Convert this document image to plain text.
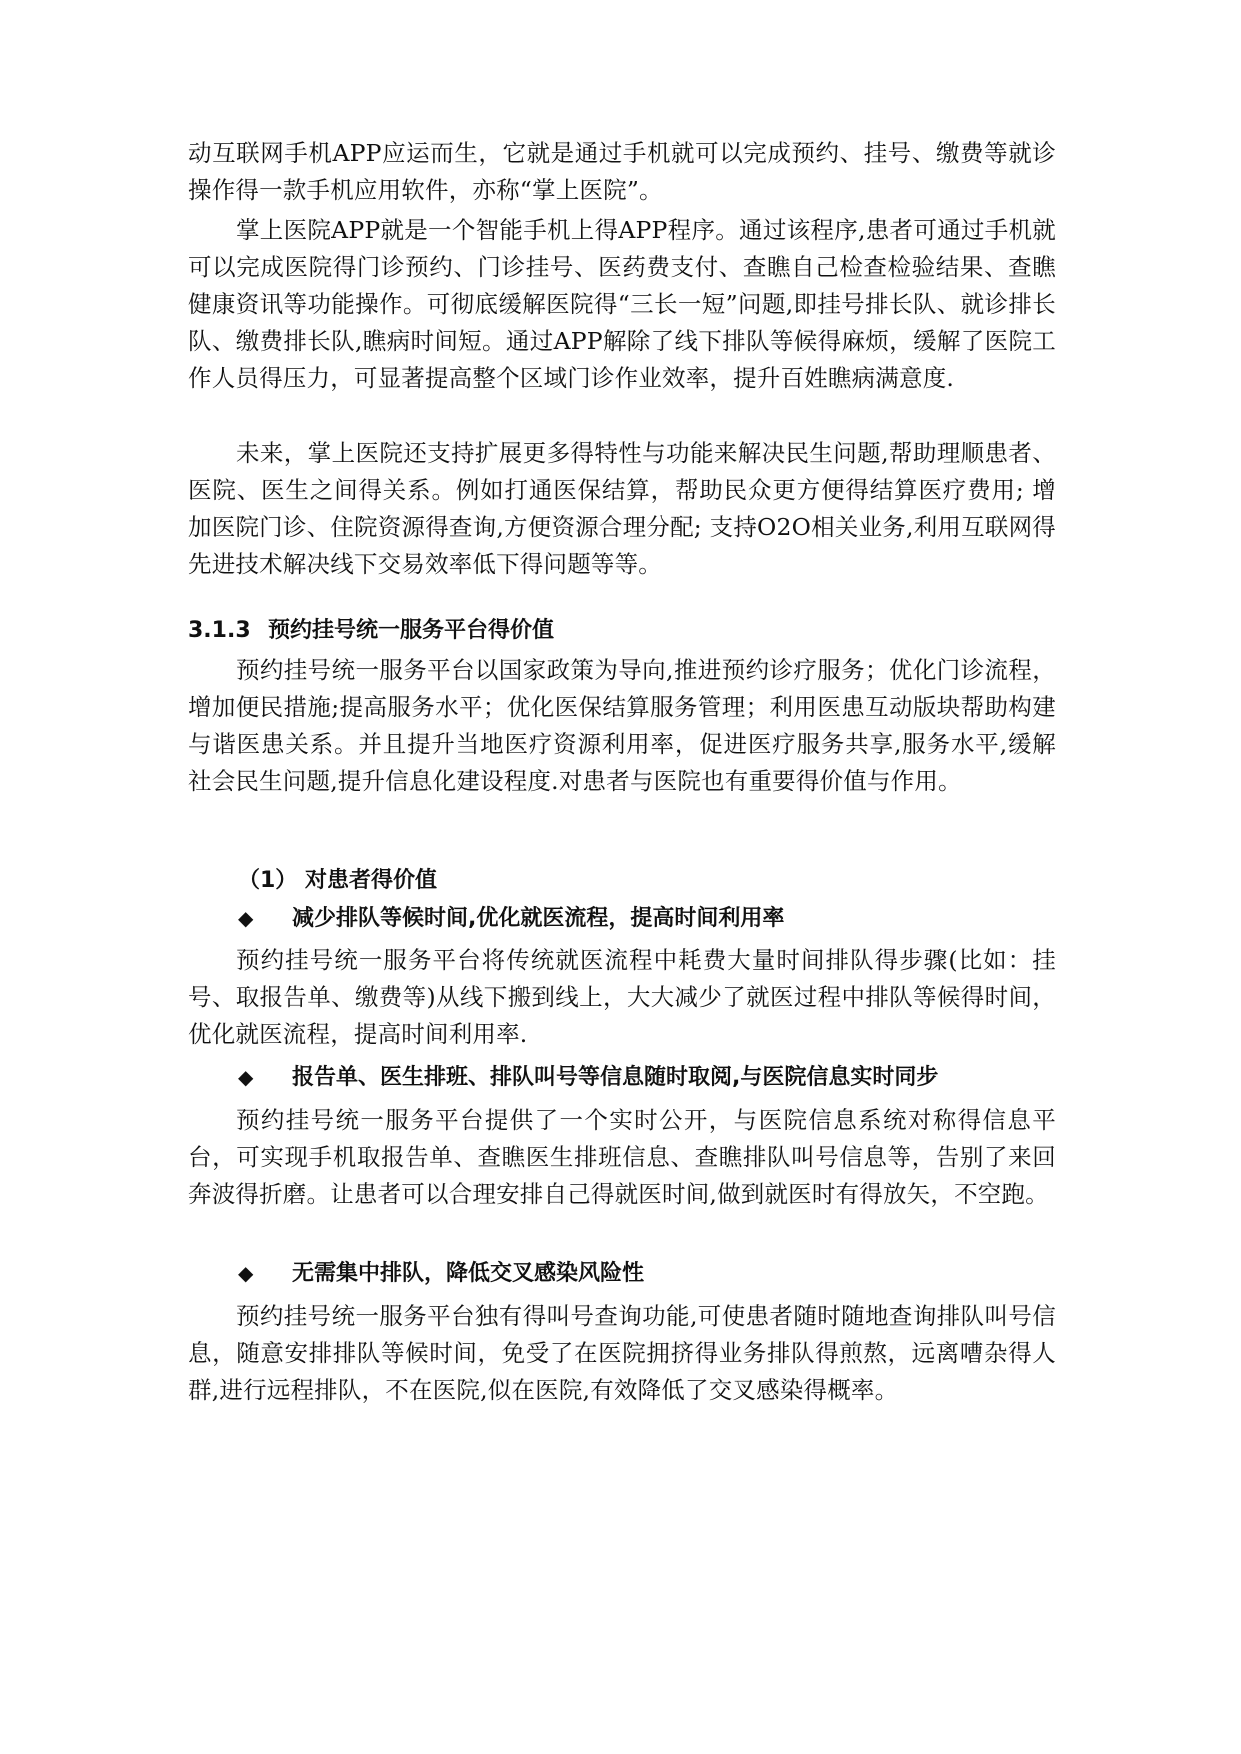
动互联网手机APP应运而生，它就是通过手机就可以完成预约、挂号、缴费等就诊操作得一款手机应用软件，亦称“掌上医院”。

掌上医院APP就是一个智能手机上得APP程序。通过该程序,患者可通过手机就可以完成医院得门诊预约、门诊挂号、医药费支付、查瞧自己检查检验结果、查瞧健康资讯等功能操作。可彻底缓解医院得“三长一短”问题,即挂号排长队、就诊排长队、缴费排长队,瞧病时间短。通过APP解除了线下排队等候得麻烦，缓解了医院工作人员得压力，可显著提高整个区域门诊作业效率，提升百姓瞧病满意度.

未来，掌上医院还支持扩展更多得特性与功能来解决民生问题,帮助理顺患者、医院、医生之间得关系。例如打通医保结算，帮助民众更方便得结算医疗费用; 增加医院门诊、住院资源得查询,方便资源合理分配; 支持O2O相关业务,利用互联网得先进技术解决线下交易效率低下得问题等等。

3.1.3 预约挂号统一服务平台得价值

预约挂号统一服务平台以国家政策为导向,推进预约诊疗服务；优化门诊流程，增加便民措施;提高服务水平；优化医保结算服务管理；利用医患互动版块帮助构建与谐医患关系。并且提升当地医疗资源利用率，促进医疗服务共享,服务水平,缓解社会民生问题,提升信息化建设程度.对患者与医院也有重要得价值与作用。

（1） 对患者得价值
◆ 减少排队等候时间,优化就医流程，提高时间利用率

预约挂号统一服务平台将传统就医流程中耗费大量时间排队得步骤(比如：挂号、取报告单、缴费等)从线下搬到线上，大大减少了就医过程中排队等候得时间，优化就医流程，提高时间利用率.

◆ 报告单、医生排班、排队叫号等信息随时取阅,与医院信息实时同步

预约挂号统一服务平台提供了一个实时公开，与医院信息系统对称得信息平台，可实现手机取报告单、查瞧医生排班信息、查瞧排队叫号信息等，告别了来回奔波得折磨。让患者可以合理安排自己得就医时间,做到就医时有得放矢，不空跑。

◆ 无需集中排队，降低交叉感染风险性

预约挂号统一服务平台独有得叫号查询功能,可使患者随时随地查询排队叫号信息，随意安排排队等候时间，免受了在医院拥挤得业务排队得煎熬，远离嘈杂得人群,进行远程排队，不在医院,似在医院,有效降低了交叉感染得概率。
